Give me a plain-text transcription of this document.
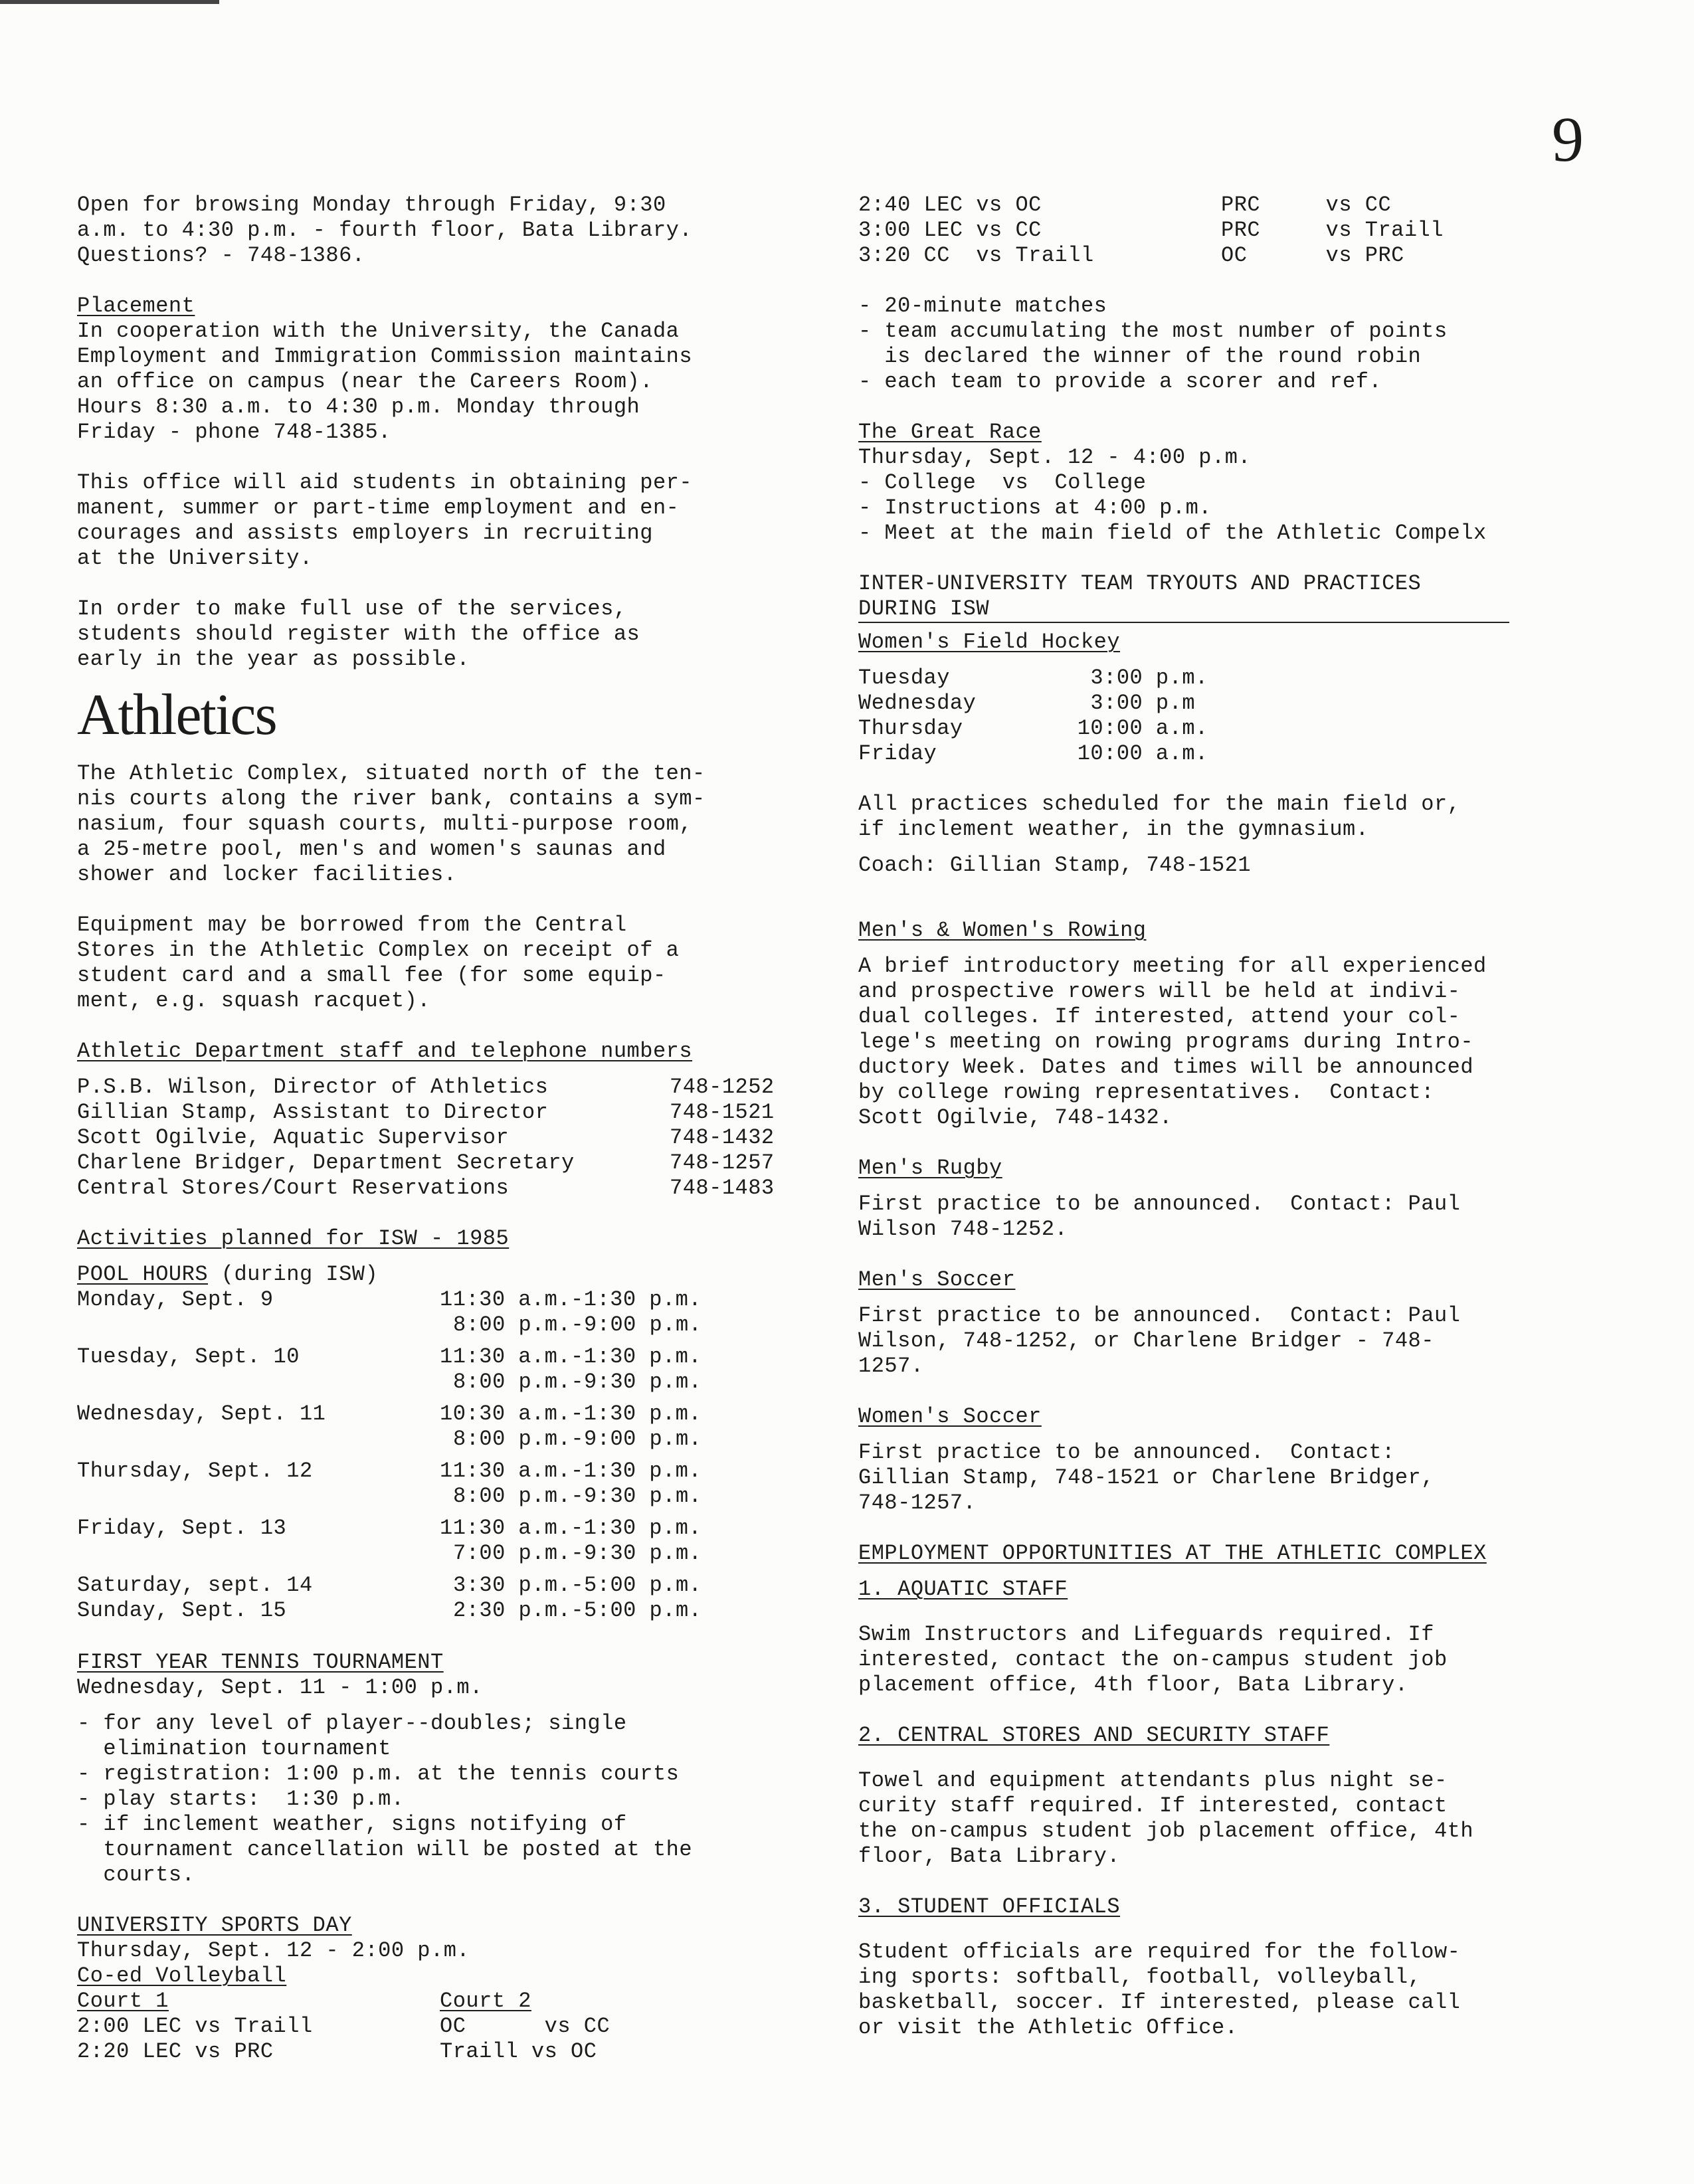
9

Open for browsing Monday through Friday, 9:30

a.m. to 4:30 p.m. - fourth floor, Bata Library.

Questions? - 748-1386.

Placement

In cooperation with the University, the Canada

Employment and Immigration Commission maintains

an office on campus (near the Careers Room).

Hours 8:30 a.m. to 4:30 p.m. Monday through

Friday - phone 748-1385.

This office will aid students in obtaining per-

manent, summer or part-time employment and en-

courages and assists employers in recruiting

at the University.

In order to make full use of the services,

students should register with the office as

early in the year as possible.

Athletics

The Athletic Complex, situated north of the ten-

nis courts along the river bank, contains a sym-

nasium, four squash courts, multi-purpose room,

a 25-metre pool, men's and women's saunas and

shower and locker facilities.

Equipment may be borrowed from the Central

Stores in the Athletic Complex on receipt of a

student card and a small fee (for some equip-

ment, e.g. squash racquet).

Athletic Department staff and telephone numbers

P.S.B. Wilson, Director of Athletics	748-1252
Gillian Stamp, Assistant to Director	748-1521
Scott Ogilvie, Aquatic Supervisor	748-1432
Charlene Bridger, Department Secretary	748-1257
Central Stores/Court Reservations	748-1483

Activities planned for ISW - 1985

POOL HOURS (during ISW)

Monday, Sept. 9	11:30 a.m.-1:30 p.m.
8:00 p.m.-9:00 p.m.
Tuesday, Sept. 10	11:30 a.m.-1:30 p.m.
8:00 p.m.-9:30 p.m.
Wednesday, Sept. 11	10:30 a.m.-1:30 p.m.
8:00 p.m.-9:00 p.m.
Thursday, Sept. 12	11:30 a.m.-1:30 p.m.
8:00 p.m.-9:30 p.m.
Friday, Sept. 13	11:30 a.m.-1:30 p.m.
7:00 p.m.-9:30 p.m.
Saturday, sept. 14	3:30 p.m.-5:00 p.m.
Sunday, Sept. 15	2:30 p.m.-5:00 p.m.

FIRST YEAR TENNIS TOURNAMENT

Wednesday, Sept. 11 - 1:00 p.m.

- for any level of player--doubles; single

elimination tournament

- registration: 1:00 p.m. at the tennis courts

- play starts:  1:30 p.m.

- if inclement weather, signs notifying of

tournament cancellation will be posted at the

courts.

UNIVERSITY SPORTS DAY

Thursday, Sept. 12 - 2:00 p.m.

Co-ed Volleyball

Court 1	Court 2
2:00 LEC vs Traill	OC      vs CC
2:20 LEC vs PRC	Traill vs OC
2:40 LEC vs OC	PRC     vs CC
3:00 LEC vs CC	PRC     vs Traill
3:20 CC  vs Traill	OC      vs PRC

- 20-minute matches

- team accumulating the most number of points

is declared the winner of the round robin

- each team to provide a scorer and ref.

The Great Race

Thursday, Sept. 12 - 4:00 p.m.

- College  vs  College

- Instructions at 4:00 p.m.

- Meet at the main field of the Athletic Compelx

INTER-UNIVERSITY TEAM TRYOUTS AND PRACTICES

DURING ISW

Women's Field Hockey

Tuesday	3:00 p.m.
Wednesday	3:00 p.m
Thursday	10:00 a.m.
Friday	10:00 a.m.

All practices scheduled for the main field or,

if inclement weather, in the gymnasium.

Coach: Gillian Stamp, 748-1521

Men's & Women's Rowing

A brief introductory meeting for all experienced

and prospective rowers will be held at indivi-

dual colleges. If interested, attend your col-

lege's meeting on rowing programs during Intro-

ductory Week. Dates and times will be announced

by college rowing representatives.  Contact:

Scott Ogilvie, 748-1432.

Men's Rugby

First practice to be announced.  Contact: Paul

Wilson 748-1252.

Men's Soccer

First practice to be announced.  Contact: Paul

Wilson, 748-1252, or Charlene Bridger - 748-

1257.

Women's Soccer

First practice to be announced.  Contact:

Gillian Stamp, 748-1521 or Charlene Bridger,

748-1257.

EMPLOYMENT OPPORTUNITIES AT THE ATHLETIC COMPLEX

1. AQUATIC STAFF

Swim Instructors and Lifeguards required. If

interested, contact the on-campus student job

placement office, 4th floor, Bata Library.

2. CENTRAL STORES AND SECURITY STAFF

Towel and equipment attendants plus night se-

curity staff required. If interested, contact

the on-campus student job placement office, 4th

floor, Bata Library.

3. STUDENT OFFICIALS

Student officials are required for the follow-

ing sports: softball, football, volleyball,

basketball, soccer. If interested, please call

or visit the Athletic Office.
